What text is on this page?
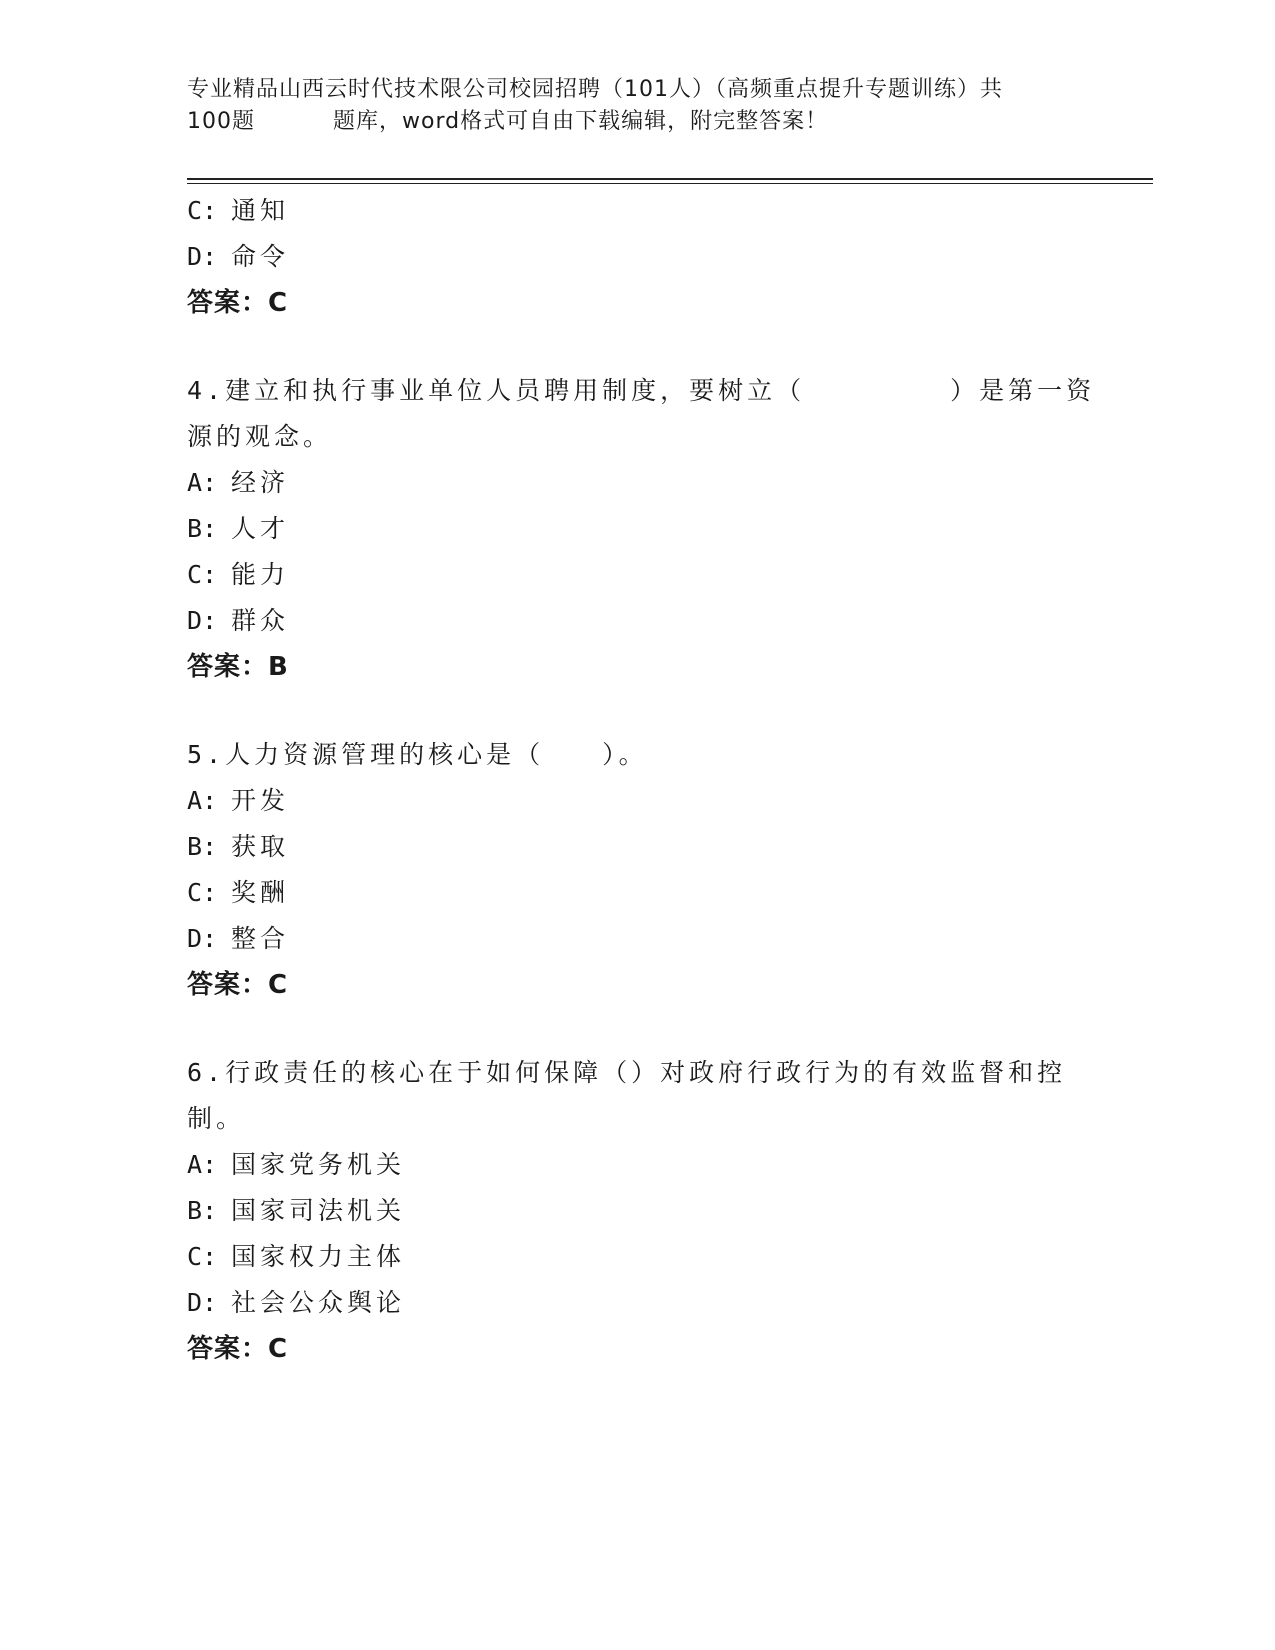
专业精品山西云时代技术限公司校园招聘（101人）（高频重点提升专题训练）共
100题	题库，word格式可自由下载编辑，附完整答案！
C: 通知
D: 命令
答案：C
4.建立和执行事业单位人员聘用制度，要树立（　　　　　）是第一资
源的观念。
A: 经济
B: 人才
C: 能力
D: 群众
答案：B
5.人力资源管理的核心是（　　）。
A: 开发
B: 获取
C: 奖酬
D: 整合
答案：C
6.行政责任的核心在于如何保障（）对政府行政行为的有效监督和控
制。
A: 国家党务机关
B: 国家司法机关
C: 国家权力主体
D: 社会公众舆论
答案：C
